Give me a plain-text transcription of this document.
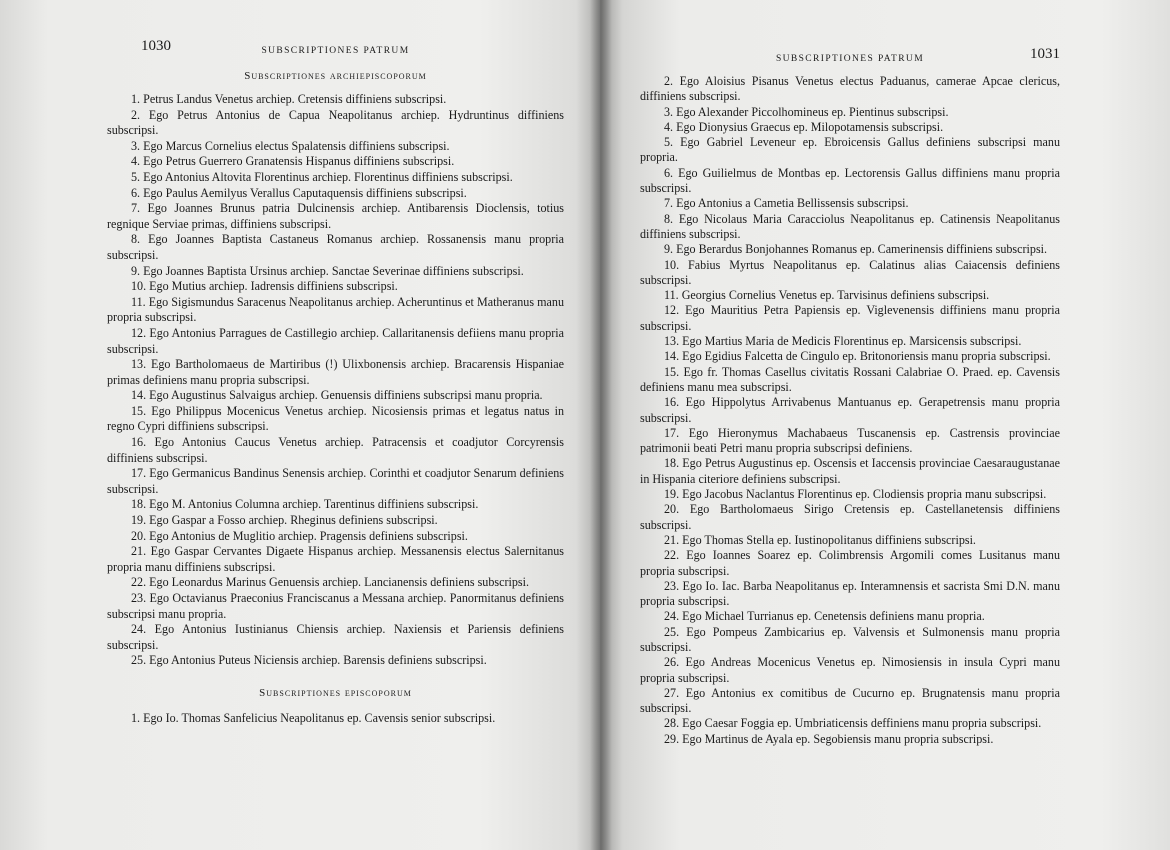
1030	SUBSCRIPTIONES PATRUM
Subscriptiones archiepiscoporum
1. Petrus Landus Venetus archiep. Cretensis diffiniens subscripsi.
2. Ego Petrus Antonius de Capua Neapolitanus archiep. Hydruntinus diffiniens subscripsi.
3. Ego Marcus Cornelius electus Spalatensis diffiniens subscripsi.
4. Ego Petrus Guerrero Granatensis Hispanus diffiniens subscripsi.
5. Ego Antonius Altovita Florentinus archiep. Florentinus diffiniens subscripsi.
6. Ego Paulus Aemilyus Verallus Caputaquensis diffiniens subscripsi.
7. Ego Joannes Brunus patria Dulcinensis archiep. Antibarensis Dioclensis, totius regnique Serviae primas, diffiniens subscripsi.
8. Ego Joannes Baptista Castaneus Romanus archiep. Rossanensis manu propria subscripsi.
9. Ego Joannes Baptista Ursinus archiep. Sanctae Severinae diffiniens subscripsi.
10. Ego Mutius archiep. Iadrensis diffiniens subscripsi.
11. Ego Sigismundus Saracenus Neapolitanus archiep. Acheruntinus et Matheranus manu propria subscripsi.
12. Ego Antonius Parragues de Castillegio archiep. Callaritanensis defiiens manu propria subscripsi.
13. Ego Bartholomaeus de Martiribus (!) Ulixbonensis archiep. Bracarensis Hispaniae primas definiens manu propria subscripsi.
14. Ego Augustinus Salvaigus archiep. Genuensis diffiniens subscripsi manu propria.
15. Ego Philippus Mocenicus Venetus archiep. Nicosiensis primas et legatus natus in regno Cypri diffiniens subscripsi.
16. Ego Antonius Caucus Venetus archiep. Patracensis et coadjutor Corcyrensis diffiniens subscripsi.
17. Ego Germanicus Bandinus Senensis archiep. Corinthi et coadjutor Senarum definiens subscripsi.
18. Ego M. Antonius Columna archiep. Tarentinus diffiniens subscripsi.
19. Ego Gaspar a Fosso archiep. Rheginus definiens subscripsi.
20. Ego Antonius de Muglitio archiep. Pragensis definiens subscripsi.
21. Ego Gaspar Cervantes Digaete Hispanus archiep. Messanensis electus Salernitanus propria manu diffiniens subscripsi.
22. Ego Leonardus Marinus Genuensis archiep. Lancianensis definiens subscripsi.
23. Ego Octavianus Praeconius Franciscanus a Messana archiep. Panormitanus definiens subscripsi manu propria.
24. Ego Antonius Iustinianus Chiensis archiep. Naxiensis et Pariensis definiens subscripsi.
25. Ego Antonius Puteus Niciensis archiep. Barensis definiens subscripsi.
Subscriptiones episcoporum
1. Ego Io. Thomas Sanfelicius Neapolitanus ep. Cavensis senior subscripsi.
SUBSCRIPTIONES PATRUM	1031
2. Ego Aloisius Pisanus Venetus electus Paduanus, camerae Apcae clericus, diffiniens subscripsi.
3. Ego Alexander Piccolhomineus ep. Pientinus subscripsi.
4. Ego Dionysius Graecus ep. Milopotamensis subscripsi.
5. Ego Gabriel Leveneur ep. Ebroicensis Gallus definiens subscripsi manu propria.
6. Ego Guilielmus de Montbas ep. Lectorensis Gallus diffiniens manu propria subscripsi.
7. Ego Antonius a Cametia Bellissensis subscripsi.
8. Ego Nicolaus Maria Caracciolus Neapolitanus ep. Catinensis Neapolitanus diffiniens subscripsi.
9. Ego Berardus Bonjohannes Romanus ep. Camerinensis diffiniens subscripsi.
10. Fabius Myrtus Neapolitanus ep. Calatinus alias Caiacensis definiens subscripsi.
11. Georgius Cornelius Venetus ep. Tarvisinus definiens subscripsi.
12. Ego Mauritius Petra Papiensis ep. Viglevenensis diffiniens manu propria subscripsi.
13. Ego Martius Maria de Medicis Florentinus ep. Marsicensis subscripsi.
14. Ego Egidius Falcetta de Cingulo ep. Britonoriensis manu propria subscripsi.
15. Ego fr. Thomas Casellus civitatis Rossani Calabriae O. Praed. ep. Cavensis definiens manu mea subscripsi.
16. Ego Hippolytus Arrivabenus Mantuanus ep. Gerapetrensis manu propria subscripsi.
17. Ego Hieronymus Machabaeus Tuscanensis ep. Castrensis provinciae patrimonii beati Petri manu propria subscripsi definiens.
18. Ego Petrus Augustinus ep. Oscensis et Iaccensis provinciae Caesaraugustanae in Hispania citeriore definiens subscripsi.
19. Ego Jacobus Naclantus Florentinus ep. Clodiensis propria manu subscripsi.
20. Ego Bartholomaeus Sirigo Cretensis ep. Castellanetensis diffiniens subscripsi.
21. Ego Thomas Stella ep. Iustinopolitanus diffiniens subscripsi.
22. Ego Ioannes Soarez ep. Colimbrensis Argomili comes Lusitanus manu propria subscripsi.
23. Ego Io. Iac. Barba Neapolitanus ep. Interamnensis et sacrista Smi D.N. manu propria subscripsi.
24. Ego Michael Turrianus ep. Cenetensis definiens manu propria.
25. Ego Pompeus Zambicarius ep. Valvensis et Sulmonensis manu propria subscripsi.
26. Ego Andreas Mocenicus Venetus ep. Nimosiensis in insula Cypri manu propria subscripsi.
27. Ego Antonius ex comitibus de Cucurno ep. Brugnatensis manu propria subscripsi.
28. Ego Caesar Foggia ep. Umbriaticensis deffiniens manu propria subscripsi.
29. Ego Martinus de Ayala ep. Segobiensis manu propria subscripsi.
